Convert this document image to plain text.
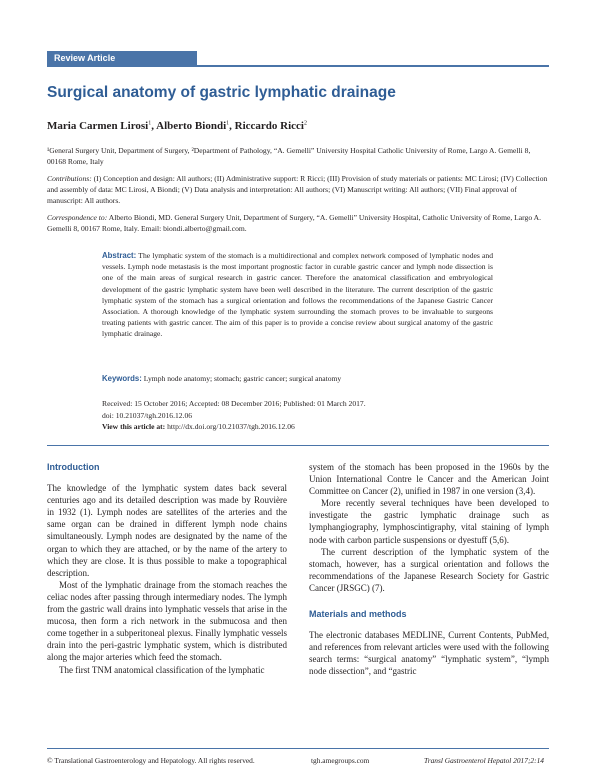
Review Article
Surgical anatomy of gastric lymphatic drainage
Maria Carmen Lirosi$^1$, Alberto Biondi$^1$, Riccardo Ricci$^2$
¹General Surgery Unit, Department of Surgery, ²Department of Pathology, “A. Gemelli” University Hospital Catholic University of Rome, Largo A. Gemelli 8, 00168 Rome, Italy
Contributions: (I) Conception and design: All authors; (II) Administrative support: R Ricci; (III) Provision of study materials or patients: MC Lirosi; (IV) Collection and assembly of data: MC Lirosi, A Biondi; (V) Data analysis and interpretation: All authors; (VI) Manuscript writing: All authors; (VII) Final approval of manuscript: All authors.
Correspondence to: Alberto Biondi, MD. General Surgery Unit, Department of Surgery, “A. Gemelli” University Hospital, Catholic University of Rome, Largo A. Gemelli 8, 00167 Rome, Italy. Email: biondi.alberto@gmail.com.
Abstract: The lymphatic system of the stomach is a multidirectional and complex network composed of lymphatic nodes and vessels. Lymph node metastasis is the most important prognostic factor in curable gastric cancer and lymph node dissection is one of the main areas of surgical research in gastric cancer. Therefore the anatomical classification and embryological development of the gastric lymphatic system have been well described in the literature. The current description of the gastric lymphatic system of the stomach has a surgical orientation and follows the recommendations of the Japanese Gastric Cancer Association. A thorough knowledge of the lymphatic system surrounding the stomach proves to be invaluable to surgeons treating patients with gastric cancer. The aim of this paper is to provide a concise review about surgical anatomy of the gastric lymphatic drainage.
Keywords: Lymph node anatomy; stomach; gastric cancer; surgical anatomy
Received: 15 October 2016; Accepted: 08 December 2016; Published: 01 March 2017.
doi: 10.21037/tgh.2016.12.06
View this article at: http://dx.doi.org/10.21037/tgh.2016.12.06
Introduction

The knowledge of the lymphatic system dates back several centuries ago and its detailed description was made by Rouvière in 1932 (1). Lymph nodes are satellites of the arteries and the same organ can be drained in different lymph node chains simultaneously. Lymph nodes are designated by the name of the organ to which they are attached, or by the name of the artery to which they are close. It is thus possible to make a topographical description.

Most of the lymphatic drainage from the stomach reaches the celiac nodes after passing through intermediary nodes. The lymph from the gastric wall drains into lymphatic vessels that arise in the mucosa, then form a rich network in the submucosa and then come together in a subperitoneal plexus. Finally lymphatic vessels drain into the peri-gastric lymphatic system, which is distributed along the major arteries which feed the stomach.

The first TNM anatomical classification of the lymphatic

system of the stomach has been proposed in the 1960s by the Union International Contre le Cancer and the American Joint Committee on Cancer (2), unified in 1987 in one version (3,4).

More recently several techniques have been developed to investigate the gastric lymphatic drainage such as lymphangiography, lymphoscintigraphy, vital staining of lymph node with carbon particle suspensions or dyestuff (5,6).

The current description of the lymphatic system of the stomach, however, has a surgical orientation and follows the recommendations of the Japanese Research Society for Gastric Cancer (JRSGC) (7).

Materials and methods

The electronic databases MEDLINE, Current Contents, PubMed, and references from relevant articles were used with the following search terms: “surgical anatomy” “lymphatic system”, “lymph node dissection”, and “gastric

© Translational Gastroenterology and Hepatology. All rights reserved.	tgh.amegroups.com	Transl Gastroenterol Hepatol 2017;2:14
